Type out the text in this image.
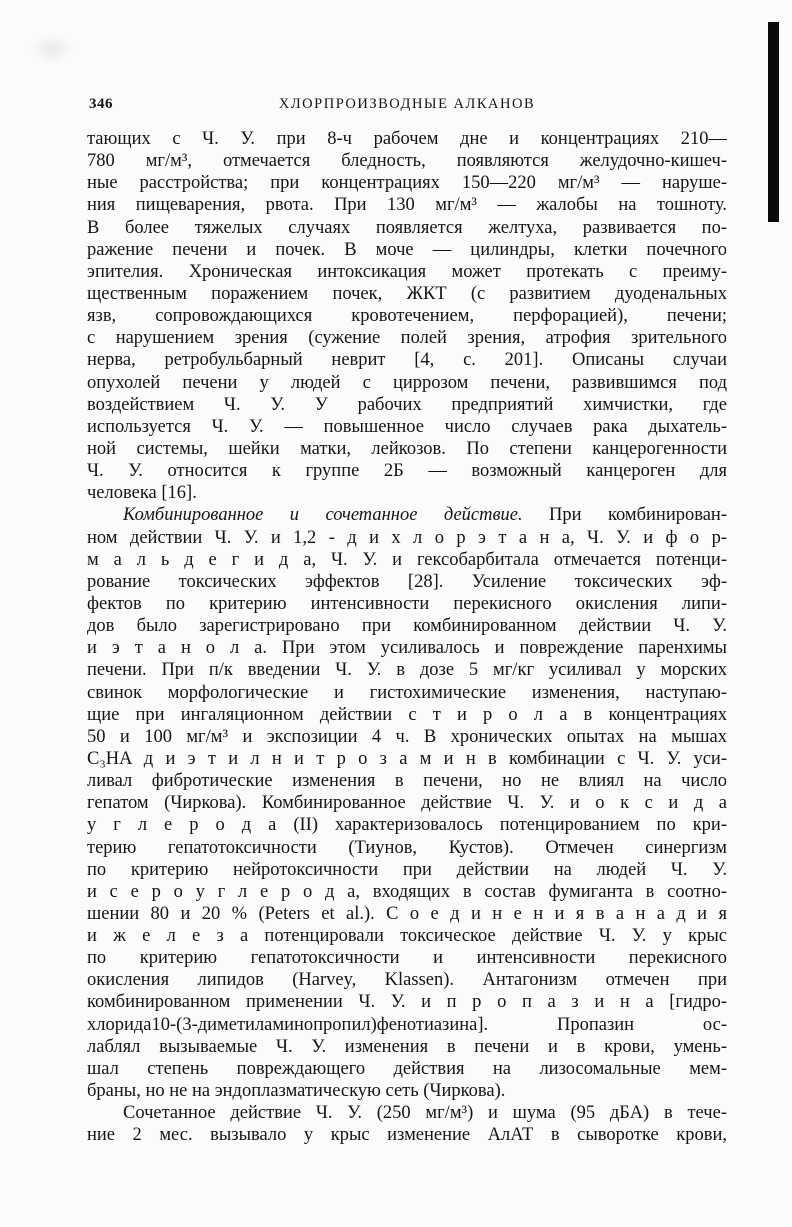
346	ХЛОРПРОИЗВОДНЫЕ АЛКАНОВ
тающих с Ч. У. при 8-ч рабочем дне и концентрациях 210—
780 мг/м³, отмечается бледность, появляются желудочно-кишеч-
ные расстройства; при концентрациях 150—220 мг/м³ — наруше-
ния пищеварения, рвота. При 130 мг/м³ — жалобы на тошноту.
В более тяжелых случаях появляется желтуха, развивается по-
ражение печени и почек. В моче — цилиндры, клетки почечного
эпителия. Хроническая интоксикация может протекать с преиму-
щественным поражением почек, ЖКТ (с развитием дуоденальных
язв, сопровождающихся кровотечением, перфорацией), печени;
с нарушением зрения (сужение полей зрения, атрофия зрительного
нерва, ретробульбарный неврит [4, с. 201]. Описаны случаи
опухолей печени у людей с циррозом печени, развившимся под
воздействием Ч. У. У рабочих предприятий химчистки, где
используется Ч. У. — повышенное число случаев рака дыхатель-
ной системы, шейки матки, лейкозов. По степени канцерогенности
Ч. У. относится к группе 2Б — возможный канцероген для
человека [16].
Комбинированное и сочетанное действие. При комбинирован-
ном действии Ч. У. и 1,2 - д и х л о р э т а н а, Ч. У. и ф о р-
м а л ь д е г и д а, Ч. У. и гексобарбитала отмечается потенци-
рование токсических эффектов [28]. Усиление токсических эф-
фектов по критерию интенсивности перекисного окисления липи-
дов было зарегистрировано при комбинированном действии Ч. У.
и э т а н о л а. При этом усиливалось и повреждение паренхимы
печени. При п/к введении Ч. У. в дозе 5 мг/кг усиливал у морских
свинок морфологические и гистохимические изменения, наступаю-
щие при ингаляционном действии с т и р о л а в концентрациях
50 и 100 мг/м³ и экспозиции 4 ч. В хронических опытах на мышах
C₃HA д и э т и л н и т р о з а м и н в комбинации с Ч. У. уси-
ливал фибротические изменения в печени, но не влиял на число
гепатом (Чиркова). Комбинированное действие Ч. У. и о к с и д а
у г л е р о д а (II) характеризовалось потенцированием по кри-
терию гепатотоксичности (Тиунов, Кустов). Отмечен синергизм
по критерию нейротоксичности при действии на людей Ч. У.
и с е р о у г л е р о д а, входящих в состав фумиганта в соотно-
шении 80 и 20 % (Peters et al.). С о е д и н е н и я в а н а д и я
и ж е л е з а потенцировали токсическое действие Ч. У. у крыс
по критерию гепатотоксичности и интенсивности перекисного
окисления липидов (Harvey, Klassen). Антагонизм отмечен при
комбинированном применении Ч. У. и п р о п а з и н а [гидро-
хлорида10-(3-диметиламинопропил)фенотиазина]. Пропазин ос-
лаблял вызываемые Ч. У. изменения в печени и в крови, умень-
шал степень повреждающего действия на лизосомальные мем-
браны, но не на эндоплазматическую сеть (Чиркова).
Сочетанное действие Ч. У. (250 мг/м³) и шума (95 дБА) в тече-
ние 2 мес. вызывало у крыс изменение АлАТ в сыворотке крови,
